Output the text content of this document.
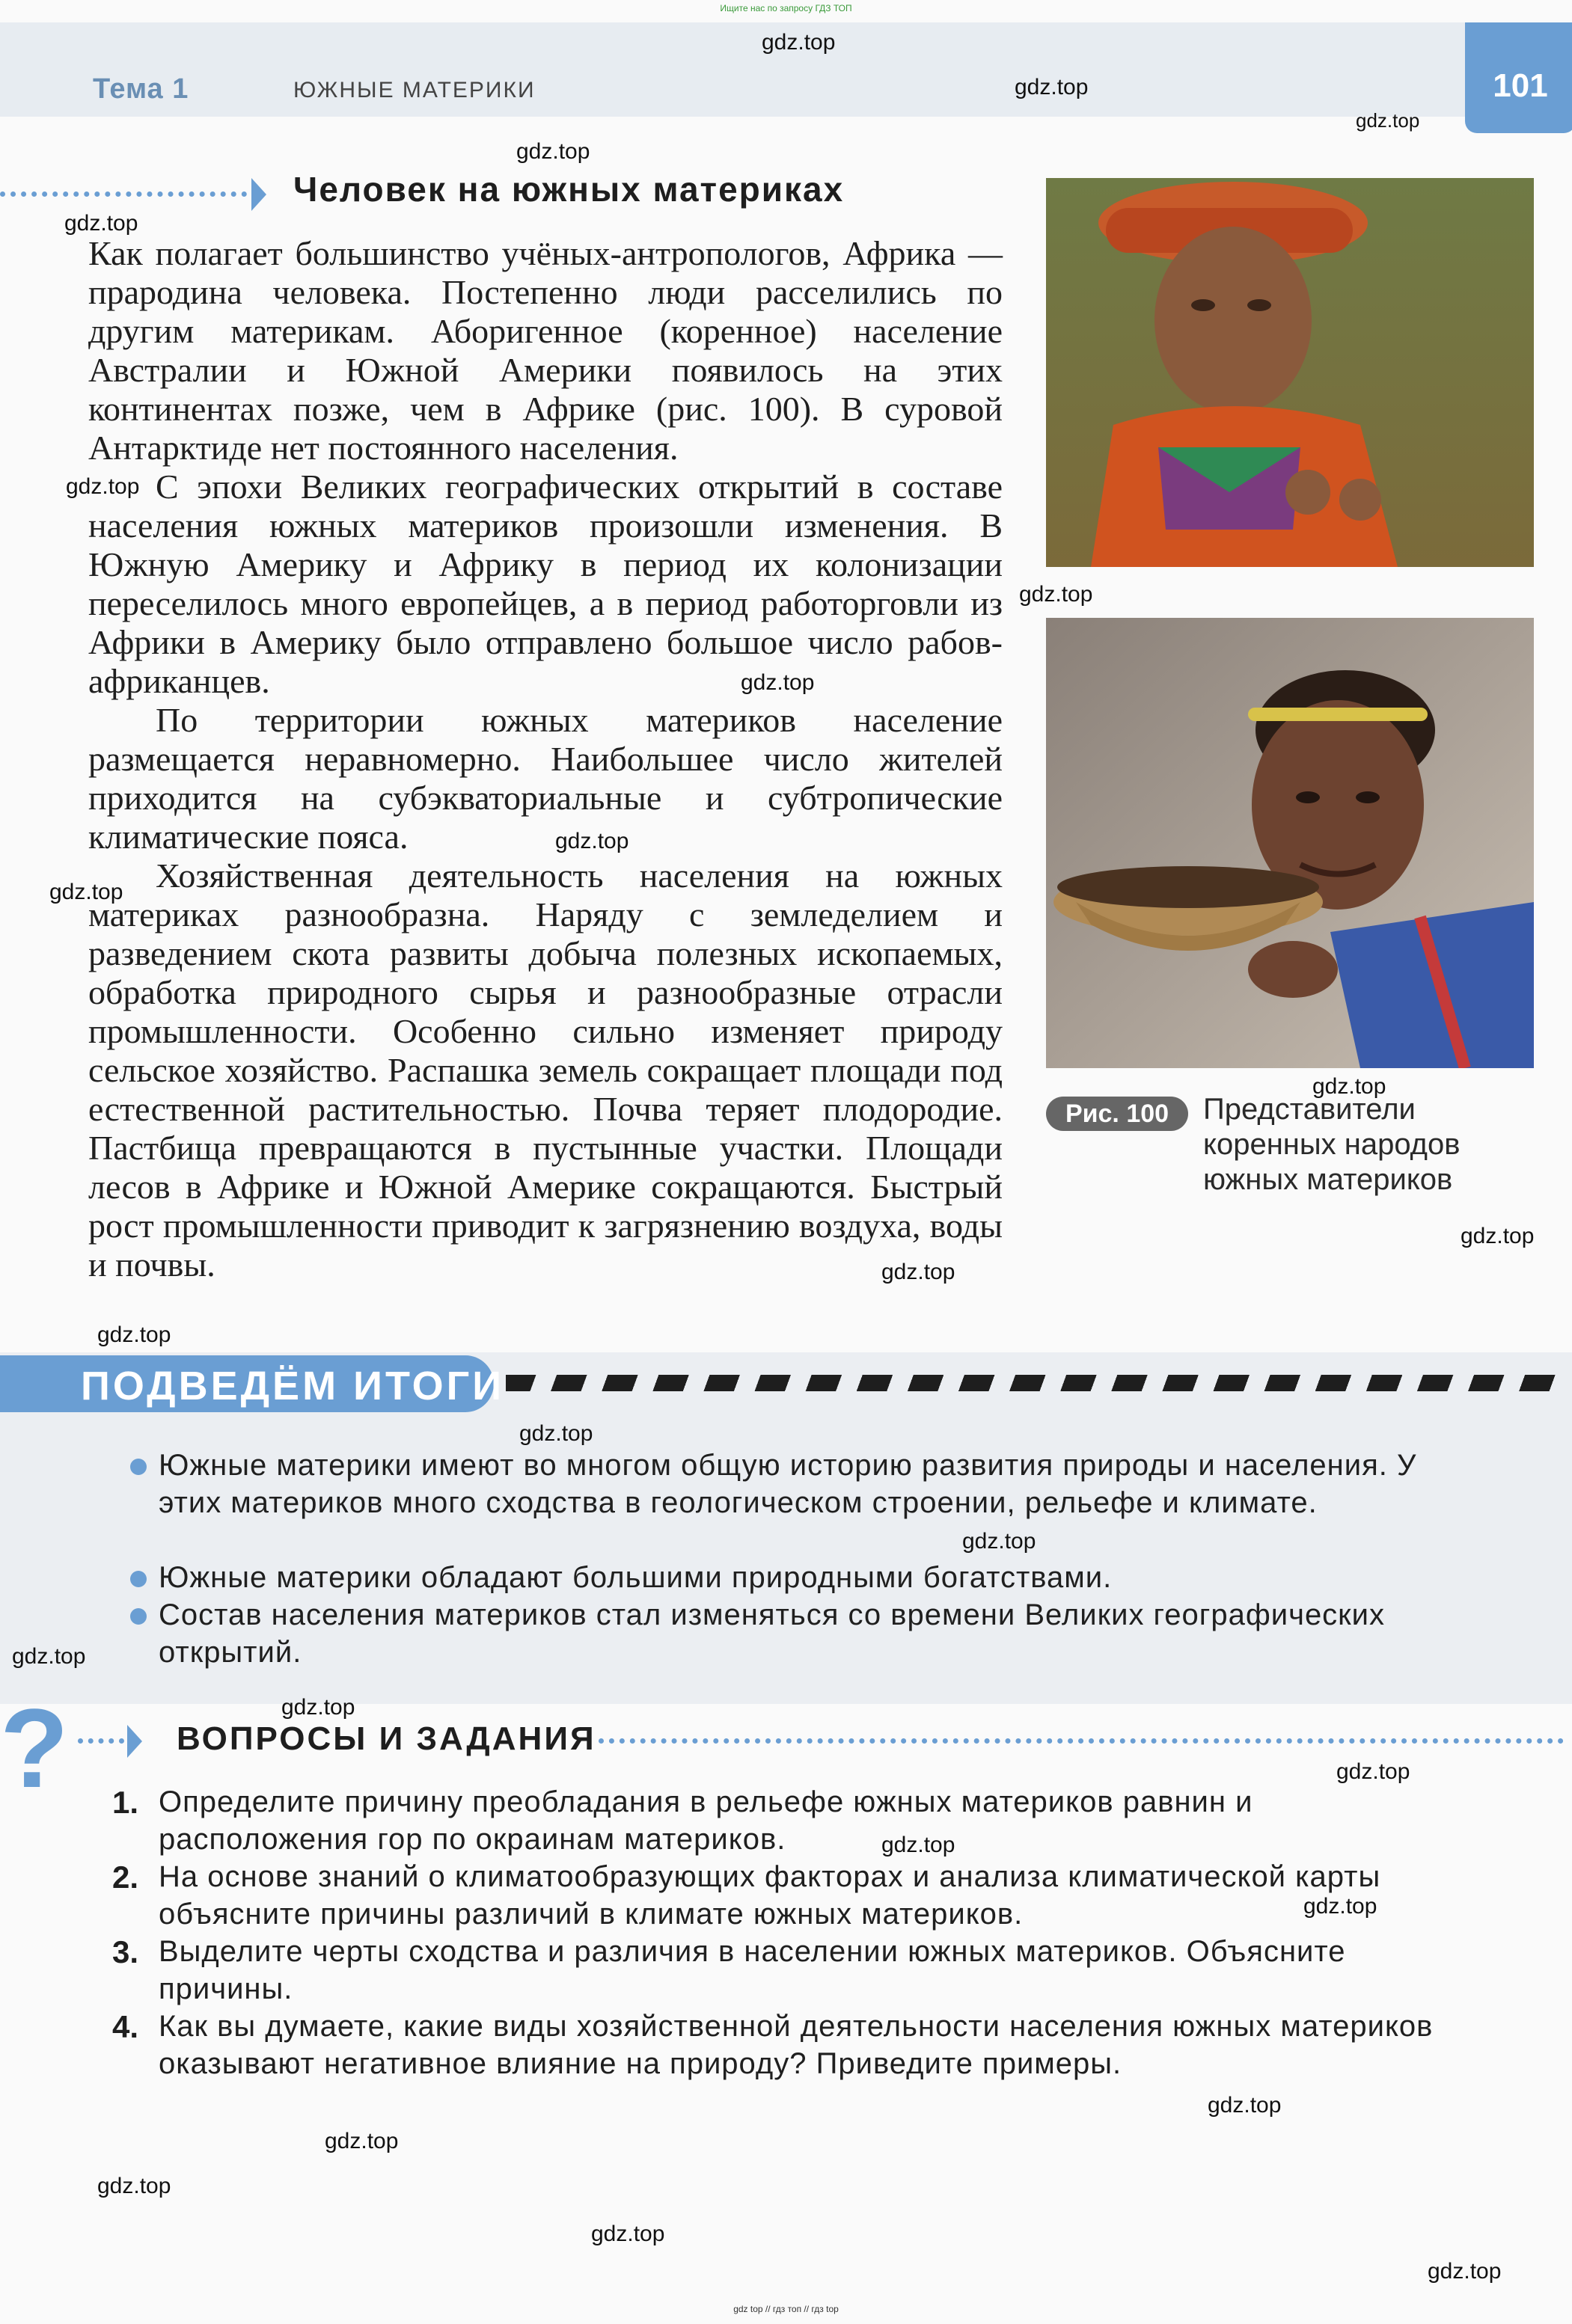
Ищите нас по запросу ГДЗ ТОП
Тема 1	ЮЖНЫЕ МАТЕРИКИ	101
Человек на южных материках

Как полагает большинство учёных-антропологов, Африка — прародина человека. Постепенно люди расселились по другим материкам. Аборигенное (коренное) население Австралии и Южной Америки появилось на этих континентах позже, чем в Африке (рис. 100). В суровой Антарктиде нет постоянного населения.

С эпохи Великих географических открытий в составе населения южных материков произошли изменения. В Южную Америку и Африку в период их колонизации переселилось много европейцев, а в период работорговли из Африки в Америку было отправлено большое число рабов-африканцев.

По территории южных материков население размещается неравномерно. Наибольшее число жителей приходится на субэкваториальные и субтропические климатические пояса.

Хозяйственная деятельность населения на южных материках разнообразна. Наряду с земледелием и разведением скота развиты добыча полезных ископаемых, обработка природного сырья и разнообразные отрасли промышленности. Особенно сильно изменяет природу сельское хозяйство. Распашка земель сокращает площади под естественной растительностью. Почва теряет плодородие. Пастбища превращаются в пустынные участки. Площади лесов в Африке и Южной Америке сокращаются. Быстрый рост промышленности приводит к загрязнению воздуха, воды и почвы.

Рис. 100	Представители коренных народов южных материков
ПОДВЕДЁМ ИТОГИ
Южные материки имеют во многом общую историю развития природы и населения. У этих материков много сходства в геологическом строении, рельефе и климате.
Южные материки обладают большими природными богатствами.
Состав населения материков стал изменяться со времени Великих географических открытий.
?	ВОПРОСЫ И ЗАДАНИЯ
1. Определите причину преобладания в рельефе южных материков равнин и расположения гор по окраинам материков.
2. На основе знаний о климатообразующих факторах и анализа климатической карты объясните причины различий в климате южных материков.
3. Выделите черты сходства и различия в населении южных материков. Объясните причины.
4. Как вы думаете, какие виды хозяйственной деятельности населения южных материков оказывают негативное влияние на природу? Приведите примеры.
gdz.top
gdz.top
gdz.top
gdz.top
gdz.top
gdz.top
gdz.top
gdz.top
gdz.top
gdz.top
gdz.top
gdz.top
gdz.top
gdz.top
gdz.top
gdz.top
gdz.top
gdz.top
gdz.top
gdz.top
gdz.top
gdz.top
gdz.top
gdz.top
gdz.top
gdz.top
gdz top // гдз топ // гдз top
